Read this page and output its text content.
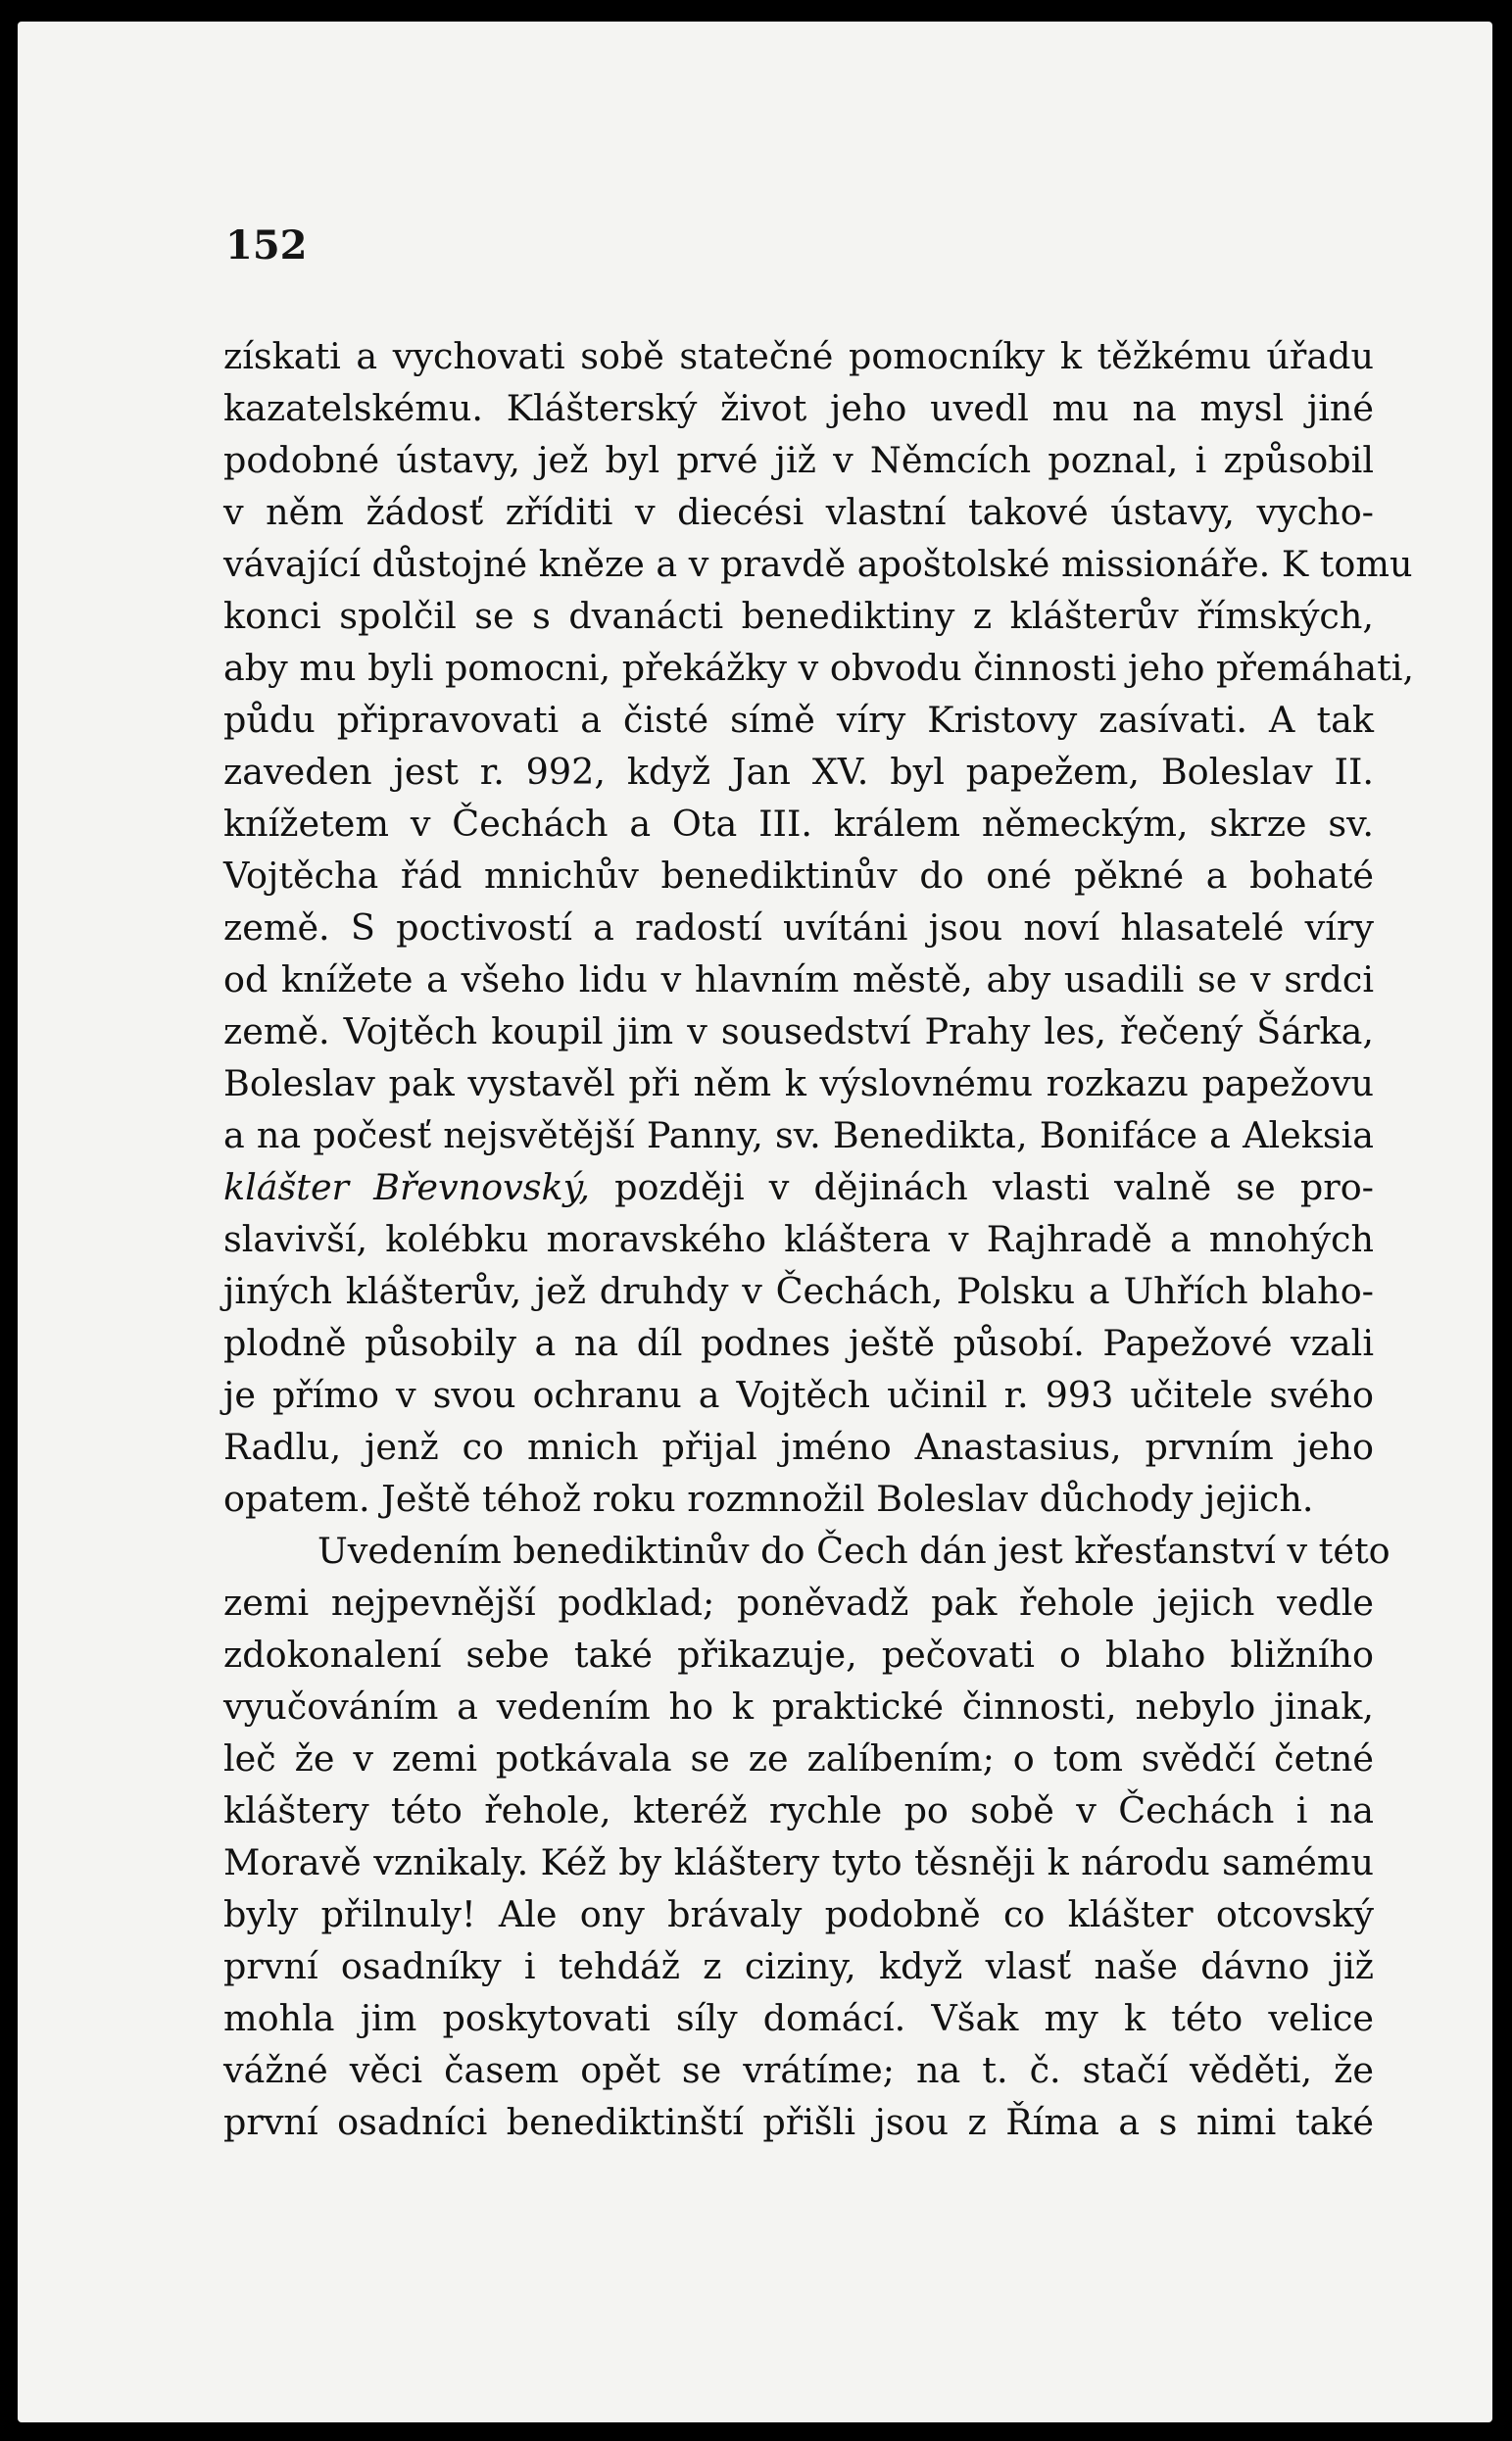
152

získati a vychovati sobě statečné pomocníky k těžkému úřadu
kazatelskému. Klášterský život jeho uvedl mu na mysl jiné
podobné ústavy, jež byl prvé již v Němcích poznal, i způsobil
v něm žádosť zříditi v diecési vlastní takové ústavy, vycho-
vávající důstojné kněze a v pravdě apoštolské missionáře. K tomu
konci spolčil se s dvanácti benediktiny z klášterův římských,
aby mu byli pomocni, překážky v obvodu činnosti jeho přemáhati,
půdu připravovati a čisté símě víry Kristovy zasívati. A tak
zaveden jest r. 992, když Jan XV. byl papežem, Boleslav II.
knížetem v Čechách a Ota III. králem německým, skrze sv.
Vojtěcha řád mnichův benediktinův do oné pěkné a bohaté
země. S poctivostí a radostí uvítáni jsou noví hlasatelé víry
od knížete a všeho lidu v hlavním městě, aby usadili se v srdci
země. Vojtěch koupil jim v sousedství Prahy les, řečený Šárka,
Boleslav pak vystavěl při něm k výslovnému rozkazu papežovu
a na počesť nejsvětější Panny, sv. Benedikta, Bonifáce a Aleksia
klášter Břevnovský, později v dějinách vlasti valně se pro-
slavivší, kolébku moravského kláštera v Rajhradě a mnohých
jiných klášterův, jež druhdy v Čechách, Polsku a Uhřích blaho-
plodně působily a na díl podnes ještě působí. Papežové vzali
je přímo v svou ochranu a Vojtěch učinil r. 993 učitele svého
Radlu, jenž co mnich přijal jméno Anastasius, prvním jeho
opatem. Ještě téhož roku rozmnožil Boleslav důchody jejich.
Uvedením benediktinův do Čech dán jest křesťanství v této
zemi nejpevnější podklad; poněvadž pak řehole jejich vedle
zdokonalení sebe také přikazuje, pečovati o blaho bližního
vyučováním a vedením ho k praktické činnosti, nebylo jinak,
leč že v zemi potkávala se ze zalíbením; o tom svědčí četné
kláštery této řehole, kteréž rychle po sobě v Čechách i na
Moravě vznikaly. Kéž by kláštery tyto těsněji k národu samému
byly přilnuly! Ale ony brávaly podobně co klášter otcovský
první osadníky i tehdáž z ciziny, když vlasť naše dávno již
mohla jim poskytovati síly domácí. Však my k této velice
vážné věci časem opět se vrátíme; na t. č. stačí věděti, že
první osadníci benediktinští přišli jsou z Říma a s nimi také
